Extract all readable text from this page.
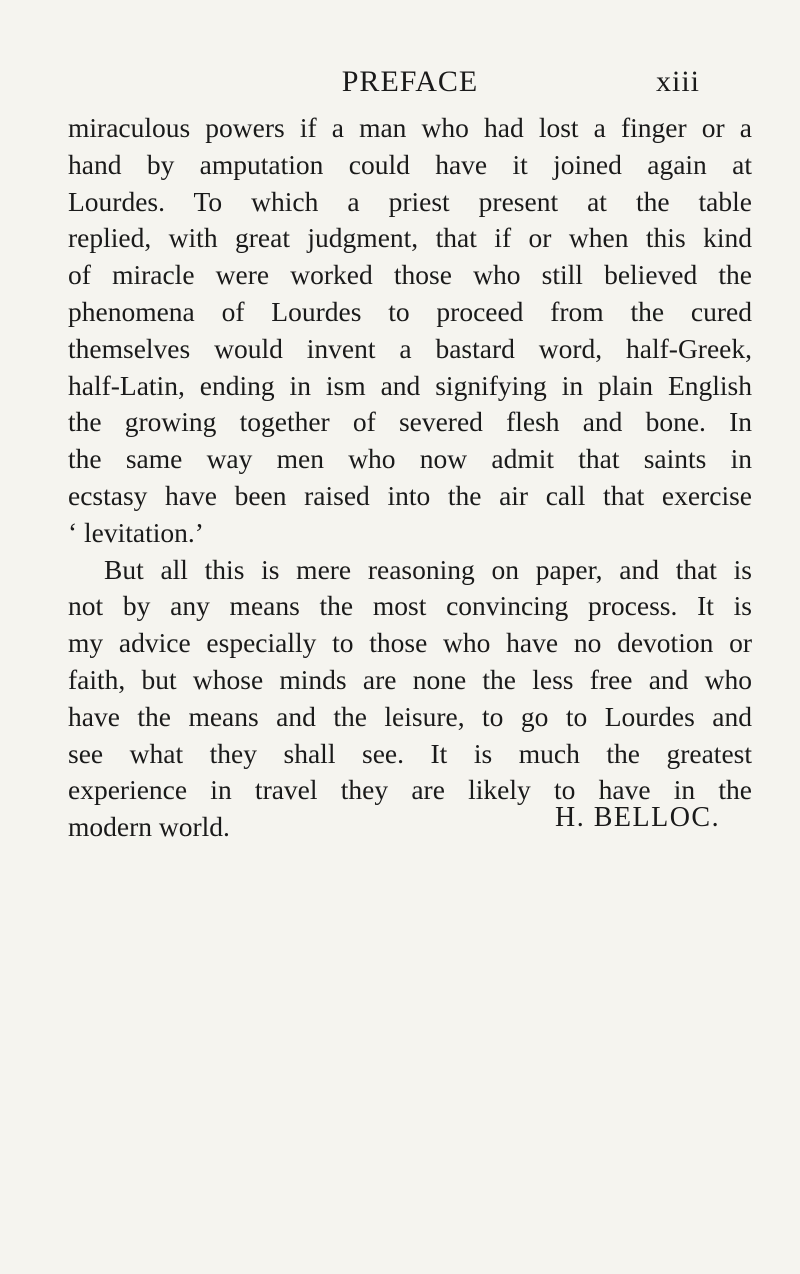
PREFACE	xiii
miraculous powers if a man who had lost a finger or a
hand by amputation could have it joined again at
Lourdes. To which a priest present at the table
replied, with great judgment, that if or when this kind
of miracle were worked those who still believed the
phenomena of Lourdes to proceed from the cured
themselves would invent a bastard word, half-Greek,
half-Latin, ending in ism and signifying in plain English
the growing together of severed flesh and bone. In
the same way men who now admit that saints in
ecstasy have been raised into the air call that exercise
‘ levitation.’
But all this is mere reasoning on paper, and that is
not by any means the most convincing process. It is
my advice especially to those who have no devotion or
faith, but whose minds are none the less free and who
have the means and the leisure, to go to Lourdes and
see what they shall see. It is much the greatest
experience in travel they are likely to have in the
modern world.	H. BELLOC.
